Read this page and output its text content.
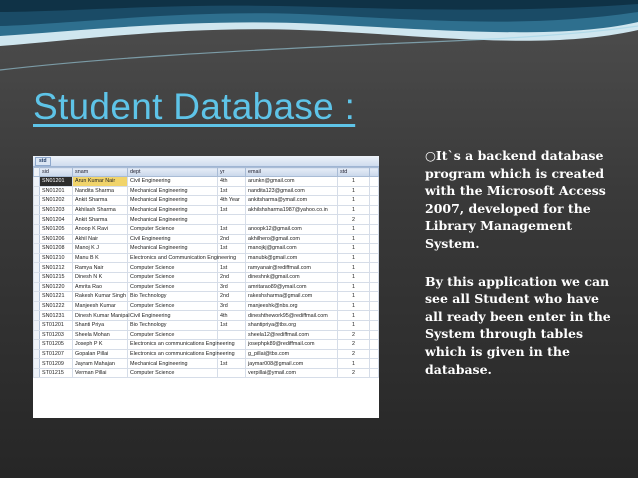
Student Database :
std
	sid	snam	dept	yr	email	std	
	SN01201	Arun Kumar Nair	Civil Engineering	4th	arunkn@gmail.com	1	
	SN01201	Nandita Sharma	Mechanical Engineering	1st	nandita123@gmail.com	1	
	SN01202	Ankit Sharma	Mechanical Engineering	4th Year	ankitsharma@ymail.com	1	
	SN01203	Akhilash Sharma	Mechanical Engineering	1st	akhilshsharma1987@yahoo.co.in	1	
	SN01204	Ankit Sharma	Mechanical Engineering			2	
	SN01205	Anoop K Ravi	Computer Science	1st	anoopk12@gmail.com	1	
	SN01206	Akhil Nair	Civil Engineering	2nd	akhilhero@gmail.com	1	
	SN01208	Manoj K J	Mechanical Engineering	1st	manojkj@gmail.com	1	
	SN01210	Manu B K	Electronics and Communication Engineering		manubk@gmail.com	1	
	SN01212	Ramya Nair	Computer Science	1st	ramyanair@rediffmail.com	1	
	SN01215	Dinesh N K	Computer Science	2nd	dineshnk@gmail.com	1	
	SN01220	Amrita Rao	Computer Science	3rd	amritarao89@ymail.com	1	
	SN01221	Rakesh Kumar Singh	Bio Technology	2nd	rakeshsharma@gmail.com	1	
	SN01222	Manjeesh Kumar	Computer Science	3rd	manjeeshk@nbs.org	1	
	SN01231	Dinesh Kumar Manipal	Civil Engineering	4th	dineshthework95@rediffmail.com	1	
	ST01201	Shanti Priya	Bio Technology	1st	shantipriya@tbs.org	1	
	ST01203	Sheela Mohan	Computer Science		sheela12@rediffmail.com	2	
	ST01205	Joseph P K	Electronics an communications Engineering		josephpk89@rediffmail.com	2	
	ST01207	Gopalan Pillai	Electronics an communications Engineering		g_pillai@tbs.com	2	
	ST01209	Jayram Mahajan	Mechanical Engineering	1st	jaymar008@gmail.com	1	
	ST01215	Verman Pillai	Computer Science		verpillai@ymail.com	2	

○It`s a backend database program which is created with the Microsoft Access 2007, developed for the Library Management System.

By this application we can see all Student who have all ready been enter in the System through tables which is given in the database.
